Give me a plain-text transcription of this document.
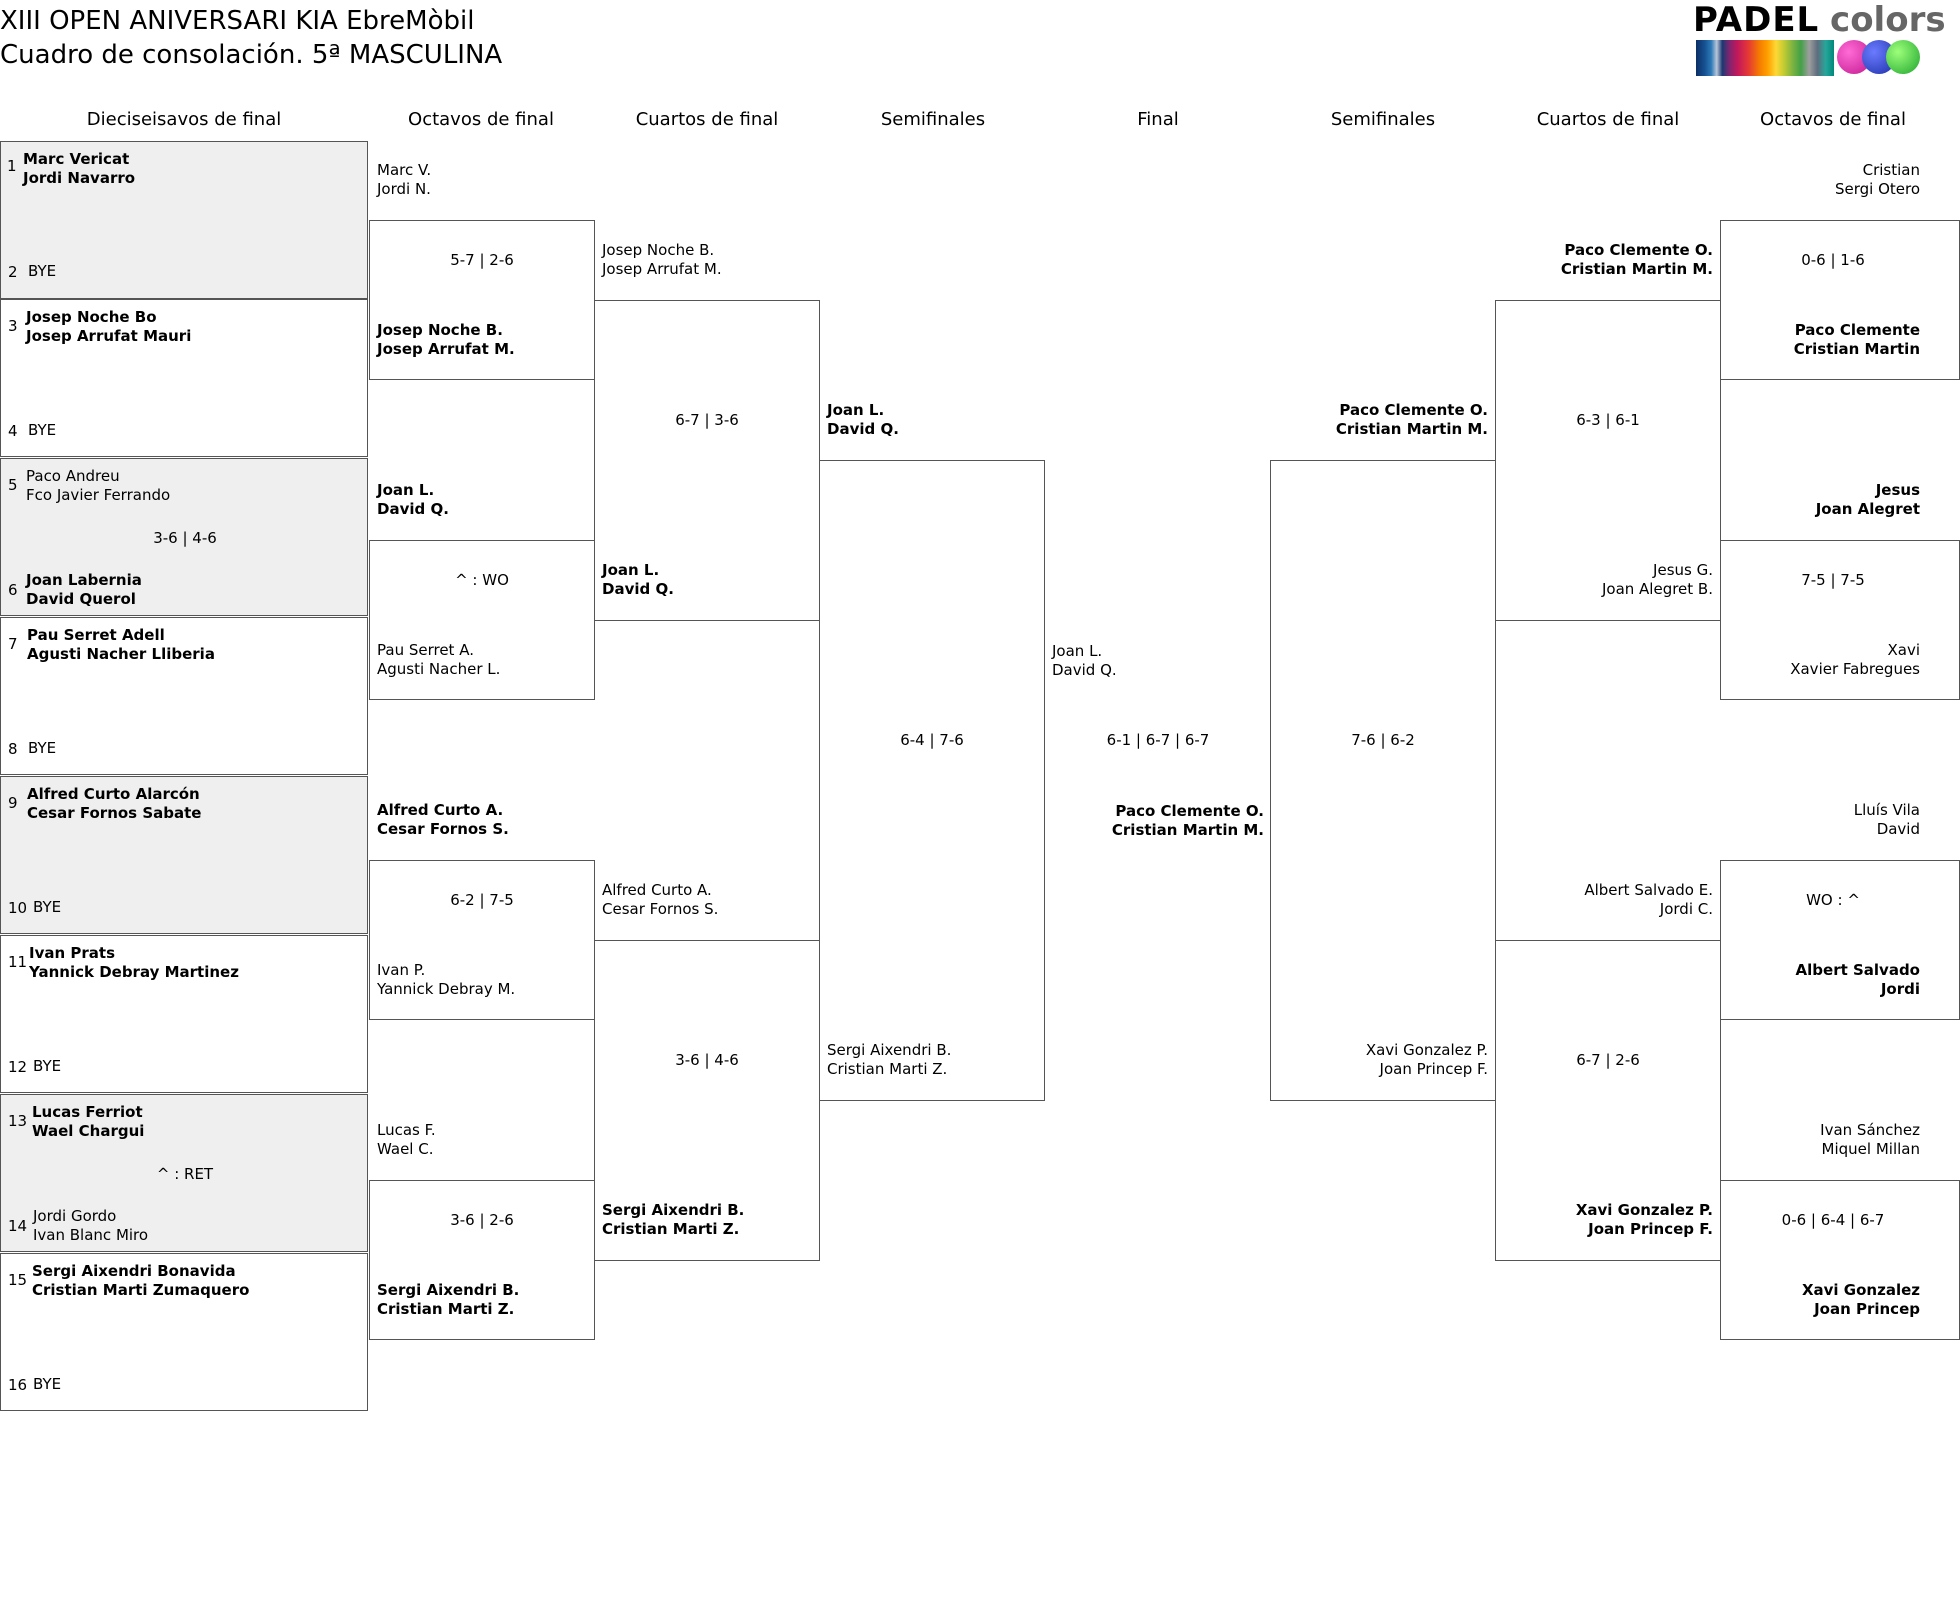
XIII OPEN ANIVERSARI KIA EbreMòbil
Cuadro de consolación. 5ª MASCULINA
PADEL colors
Dieciseisavos de final	Octavos de final	Cuartos de final	Semifinales	Final	Semifinales	Cuartos de final	Octavos de final
1 Marc Vericat
Jordi Navarro
2 BYE
3 Josep Noche Bo
Josep Arrufat Mauri
4 BYE
5 Paco Andreu
Fco Javier Ferrando
3-6 | 4-6
6
Joan Labernia
David Querol
7 Pau Serret Adell
Agusti Nacher Lliberia
8 BYE
9 Alfred Curto Alarcón
Cesar Fornos Sabate
10 BYE
11 Ivan Prats
Yannick Debray Martinez
12 BYE
13 Lucas Ferriot
Wael Chargui
^ : RET
14
Jordi Gordo
Ivan Blanc Miro
15 Sergi Aixendri Bonavida
Cristian Marti Zumaquero
16 BYE
Marc V.
Jordi N.
5-7 | 2-6
Josep Noche B.
Josep Arrufat M.
Joan L.
David Q.
^ : WO
Pau Serret A.
Agusti Nacher L.
Alfred Curto A.
Cesar Fornos S.
6-2 | 7-5
Ivan P.
Yannick Debray M.
Lucas F.
Wael C.
3-6 | 2-6
Sergi Aixendri B.
Cristian Marti Z.
Josep Noche B.
Josep Arrufat M.
6-7 | 3-6
Joan L.
David Q.
Alfred Curto A.
Cesar Fornos S.
3-6 | 4-6
Sergi Aixendri B.
Cristian Marti Z.
Joan L.
David Q.
6-4 | 7-6
Sergi Aixendri B.
Cristian Marti Z.
Joan L.
David Q.
6-1 | 6-7 | 6-7
Paco Clemente O.
Cristian Martin M.
Paco Clemente O.
Cristian Martin M.
7-6 | 6-2
Xavi Gonzalez P.
Joan Princep F.
Paco Clemente O.
Cristian Martin M.
6-3 | 6-1
Jesus G.
Joan Alegret B.
Albert Salvado E.
Jordi C.
6-7 | 2-6
Xavi Gonzalez P.
Joan Princep F.
Cristian
Sergi Otero
0-6 | 1-6
Paco Clemente
Cristian Martin
Jesus
Joan Alegret
7-5 | 7-5
Xavi
Xavier Fabregues
Lluís Vila
David
WO : ^
Albert Salvado
Jordi
Ivan Sánchez
Miquel Millan
0-6 | 6-4 | 6-7
Xavi Gonzalez
Joan Princep
